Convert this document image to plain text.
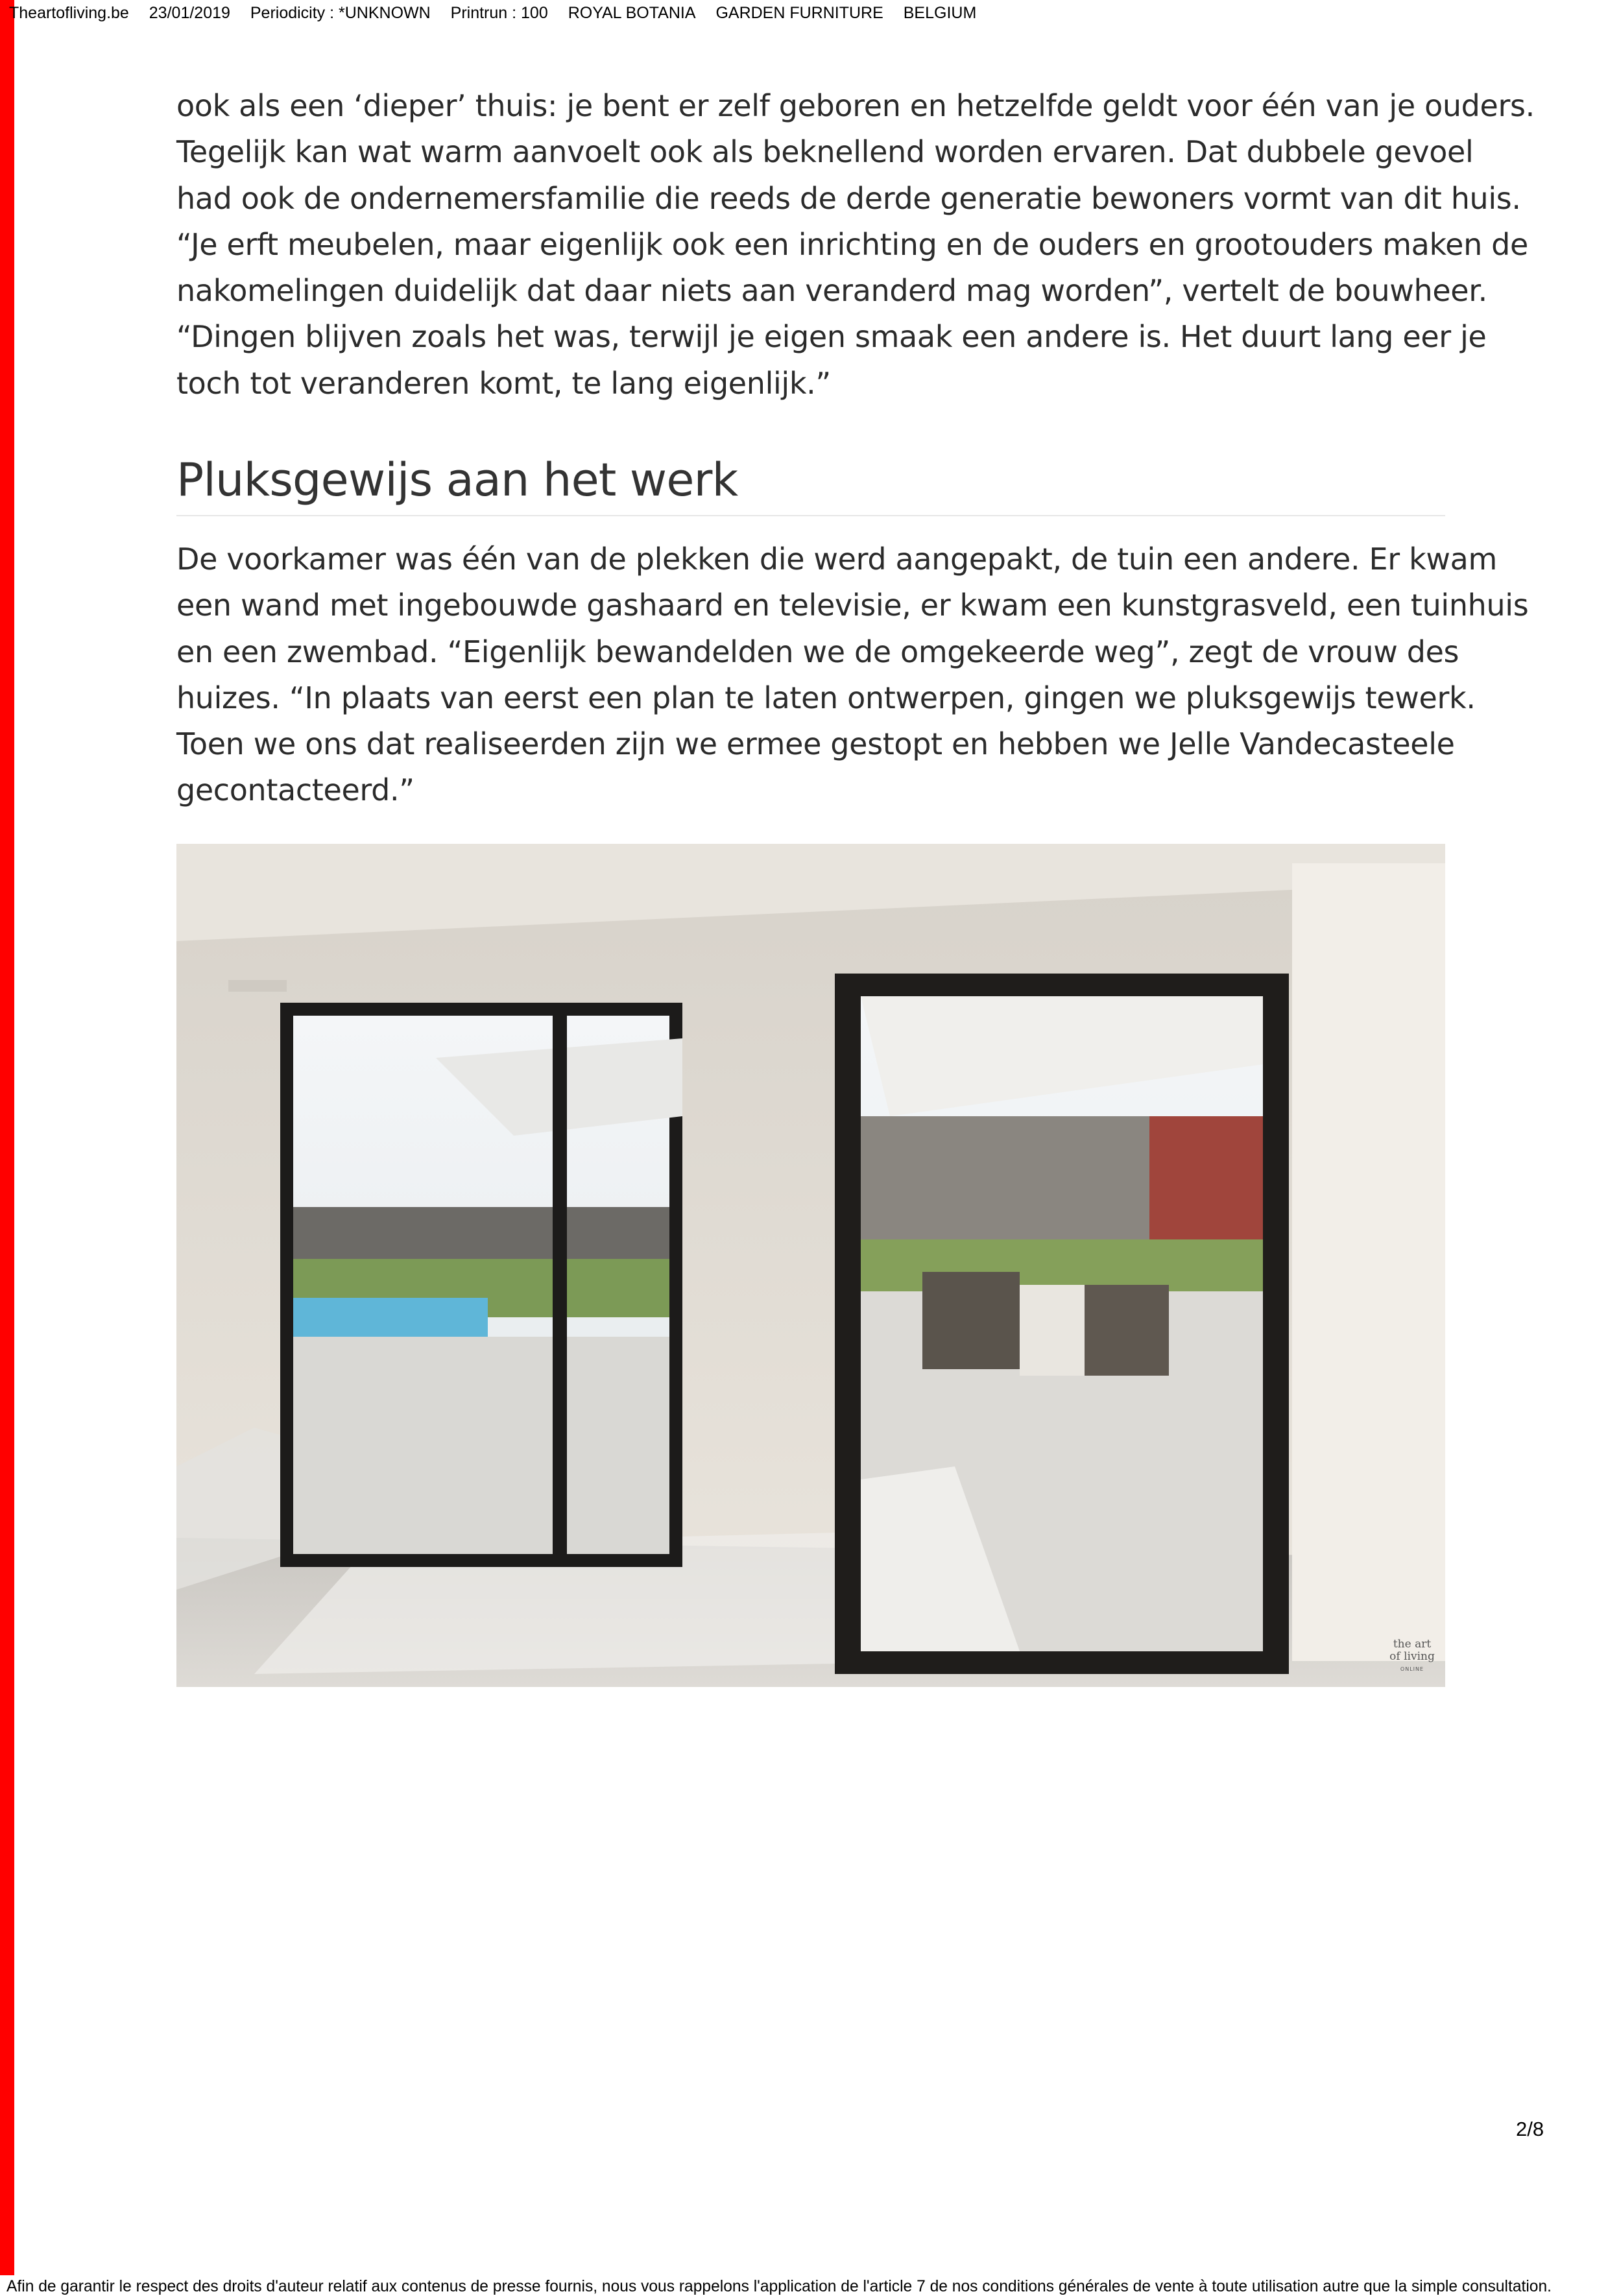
Theartofliving.be 23/01/2019 Periodicity : *UNKNOWN Printrun : 100 ROYAL BOTANIA GARDEN FURNITURE BELGIUM

ook als een ‘dieper’ thuis: je bent er zelf geboren en hetzelfde geldt voor één van je ouders.
Tegelijk kan wat warm aanvoelt ook als beknellend worden ervaren. Dat dubbele gevoel
had ook de ondernemersfamilie die reeds de derde generatie bewoners vormt van dit huis.
“Je erft meubelen, maar eigenlijk ook een inrichting en de ouders en grootouders maken de
nakomelingen duidelijk dat daar niets aan veranderd mag worden”, vertelt de bouwheer.
“Dingen blijven zoals het was, terwijl je eigen smaak een andere is. Het duurt lang eer je
toch tot veranderen komt, te lang eigenlijk.”

Pluksgewijs aan het werk

De voorkamer was één van de plekken die werd aangepakt, de tuin een andere. Er kwam
een wand met ingebouwde gashaard en televisie, er kwam een kunstgrasveld, een tuinhuis
en een zwembad. “Eigenlijk bewandelden we de omgekeerde weg”, zegt de vrouw des
huizes. “In plaats van eerst een plan te laten ontwerpen, gingen we pluksgewijs tewerk.
Toen we ons dat realiseerden zijn we ermee gestopt en hebben we Jelle Vandecasteele
gecontacteerd.”

the art
of living
ONLINE
2/8
Afin de garantir le respect des droits d'auteur relatif aux contenus de presse fournis, nous vous rappelons l'application de l'article 7 de nos conditions générales de vente à toute utilisation autre que la simple consultation.
